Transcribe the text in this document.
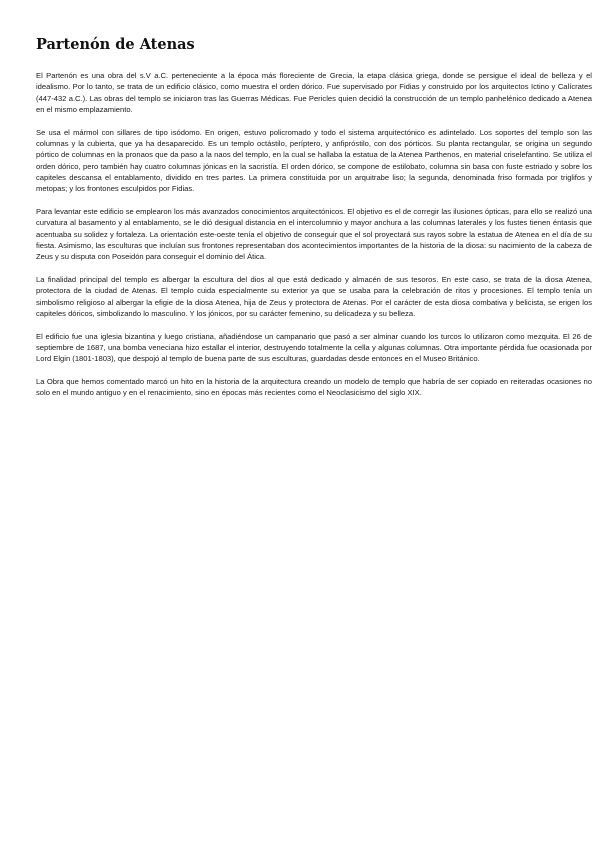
Partenón de Atenas

El Partenón es una obra del s.V a.C. perteneciente a la época más floreciente de Grecia, la etapa clásica griega, donde se persigue el ideal de belleza y el idealismo. Por lo tanto, se trata de un edificio clásico, como muestra el orden dórico. Fue supervisado por Fidias y construido por los arquitectos Ictino y Calícrates (447-432 a.C.). Las obras del templo se iniciaron tras las Guerras Médicas. Fue Pericles quien decidió la construcción de un templo panhelénico dedicado a Atenea en el mismo emplazamiento.

Se usa el mármol con sillares de tipo isódomo. En origen, estuvo policromado y todo el sistema arquitectónico es adintelado. Los soportes del templo son las columnas y la cubierta, que ya ha desaparecido. Es un templo octástilo, períptero, y anfipróstilo, con dos pórticos. Su planta rectangular, se origina un segundo pórtico de columnas en la pronaos que da paso a la naos del templo, en la cual se hallaba la estatua de la Atenea Parthenos, en material criselefantino. Se utiliza el orden dórico, pero también hay cuatro columnas jónicas en la sacristía. El orden dórico, se compone de estilobato, columna sin basa con fuste estriado y sobre los capiteles descansa el entablamento, dividido en tres partes. La primera constituida por un arquitrabe liso; la segunda, denominada friso formada por triglifos y metopas; y los frontones esculpidos por Fidias.

Para levantar este edificio se emplearon los más avanzados conocimientos arquitectónicos. El objetivo es el de corregir las ilusiones ópticas, para ello se realizó una curvatura al basamento y al entablamento, se le dió desigual distancia en el intercolumnio y mayor anchura a las columnas laterales y los fustes tienen éntasis que acentuaba su solidez y fortaleza. La orientación este-oeste tenía el objetivo de conseguir que el sol proyectará sus rayos sobre la estatua de Atenea en el día de su fiesta. Asimismo, las esculturas que incluían sus frontones representaban dos acontecimientos importantes de la historia de la diosa: su nacimiento de la cabeza de Zeus y su disputa con Poseidón para conseguir el dominio del Ática.

La finalidad principal del templo es albergar la escultura del dios al que está dedicado y almacén de sus tesoros. En este caso, se trata de la diosa Atenea, protectora de la ciudad de Atenas. El templo cuida especialmente su exterior ya que se usaba para la celebración de ritos y procesiones. El templo tenía un simbolismo religioso al albergar la efigie de la diosa Atenea, hija de Zeus y protectora de Atenas. Por el carácter de esta diosa combativa y belicista, se erigen los capiteles dóricos, simbolizando lo masculino. Y los jónicos, por su carácter femenino, su delicadeza y su belleza.

El edificio fue una iglesia bizantina y luego cristiana, añadiéndose un campanario que pasó a ser alminar cuando los turcos lo utilizaron como mezquita. El 26 de septiembre de 1687, una bomba veneciana hizo estallar el interior, destruyendo totalmente la cella y algunas columnas. Otra importante pérdida fue ocasionada por Lord Elgin (1801-1803), que despojó al templo de buena parte de sus esculturas, guardadas desde entonces en el Museo Británico.

La Obra que hemos comentado marcó un hito en la historia de la arquitectura creando un modelo de templo que habría de ser copiado en reiteradas ocasiones no solo en el mundo antiguo y en el renacimiento, sino en épocas más recientes como el Neoclasicismo del siglo XIX.
